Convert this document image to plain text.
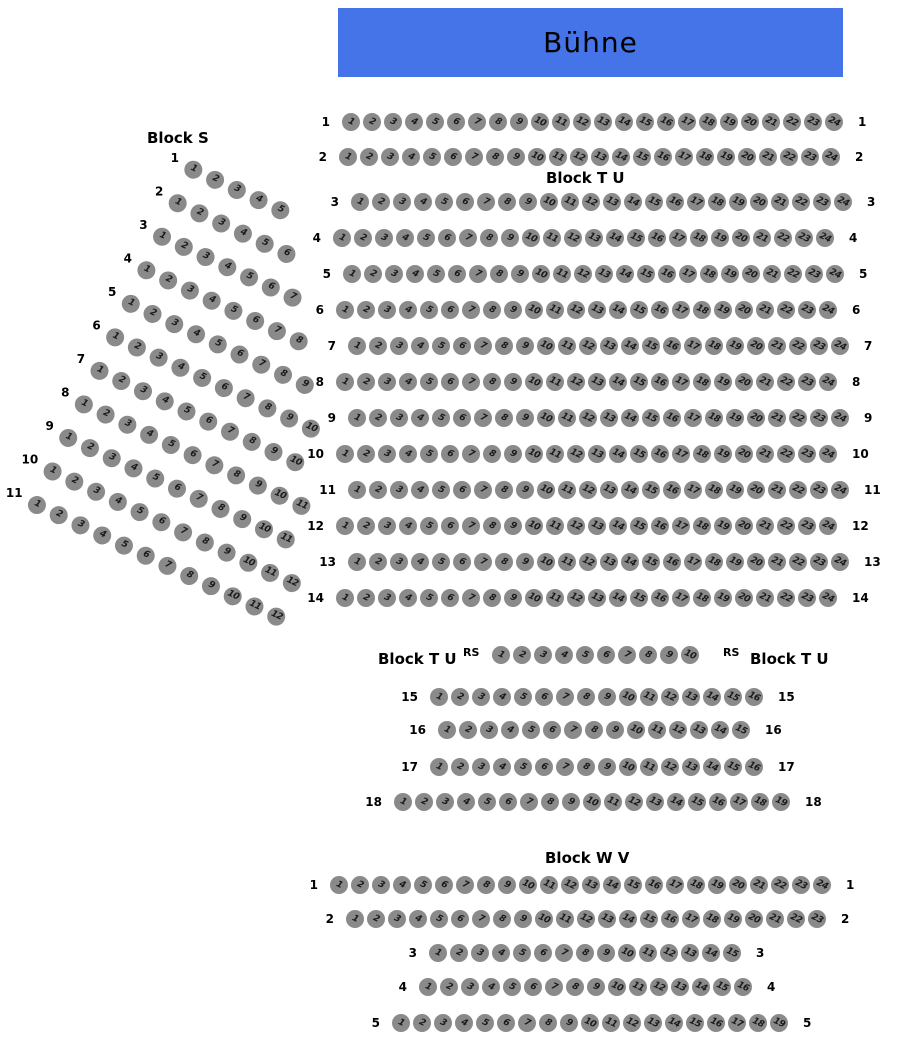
Bühne
Block S
1
1
2
3
4
5
2
1
2
3
4
5
6
3
1
2
3
4
5
6
7
4
1
2
3
4
5
6
7
8
5
1
2
3
4
5
6
7
8
9
6
1
2
3
4
5
6
7
8
9
10
7
1
2
3
4
5
6
7
8
9
10
8
1
2
3
4
5
6
7
8
9
10
11
9
1
2
3
4
5
6
7
8
9
10
11
10
1
2
3
4
5
6
7
8
9
10
11
12
11
1
2
3
4
5
6
7
8
9
10
11
12
Block T U
1 1 2 3 4 5 6 7 8 9 10 11 12 13 14 15 16 17 18 19 20 21 22 23 24 1
2 1 2 3 4 5 6 7 8 9 10 11 12 13 14 15 16 17 18 19 20 21 22 23 24 2
3 1 2 3 4 5 6 7 8 9 10 11 12 13 14 15 16 17 18 19 20 21 22 23 24 3
4 1 2 3 4 5 6 7 8 9 10 11 12 13 14 15 16 17 18 19 20 21 22 23 24 4
5 1 2 3 4 5 6 7 8 9 10 11 12 13 14 15 16 17 18 19 20 21 22 23 24 5
6 1 2 3 4 5 6 7 8 9 10 11 12 13 14 15 16 17 18 19 20 21 22 23 24 6
7 1 2 3 4 5 6 7 8 9 10 11 12 13 14 15 16 17 18 19 20 21 22 23 24 7
8 1 2 3 4 5 6 7 8 9 10 11 12 13 14 15 16 17 18 19 20 21 22 23 24 8
9 1 2 3 4 5 6 7 8 9 10 11 12 13 14 15 16 17 18 19 20 21 22 23 24 9
10 1 2 3 4 5 6 7 8 9 10 11 12 13 14 15 16 17 18 19 20 21 22 23 24 10
11 1 2 3 4 5 6 7 8 9 10 11 12 13 14 15 16 17 18 19 20 21 22 23 24 11
12 1 2 3 4 5 6 7 8 9 10 11 12 13 14 15 16 17 18 19 20 21 22 23 24 12
13 1 2 3 4 5 6 7 8 9 10 11 12 13 14 15 16 17 18 19 20 21 22 23 24 13
14 1 2 3 4 5 6 7 8 9 10 11 12 13 14 15 16 17 18 19 20 21 22 23 24 14
Block T U RS	RS Block T U
1 2 3 4 5 6 7 8 9 10
15 1 2 3 4 5 6 7 8 9 10 11 12 13 14 15 16 15
16 1 2 3 4 5 6 7 8 9 10 11 12 13 14 15 16
17 1 2 3 4 5 6 7 8 9 10 11 12 13 14 15 16 17
18 1 2 3 4 5 6 7 8 9 10 11 12 13 14 15 16 17 18 19 18
Block W V
1 1 2 3 4 5 6 7 8 9 10 11 12 13 14 15 16 17 18 19 20 21 22 23 24 1
2 1 2 3 4 5 6 7 8 9 10 11 12 13 14 15 16 17 18 19 20 21 22 23 2
3 1 2 3 4 5 6 7 8 9 10 11 12 13 14 15 3
4 1 2 3 4 5 6 7 8 9 10 11 12 13 14 15 16 4
5 1 2 3 4 5 6 7 8 9 10 11 12 13 14 15 16 17 18 19 5
